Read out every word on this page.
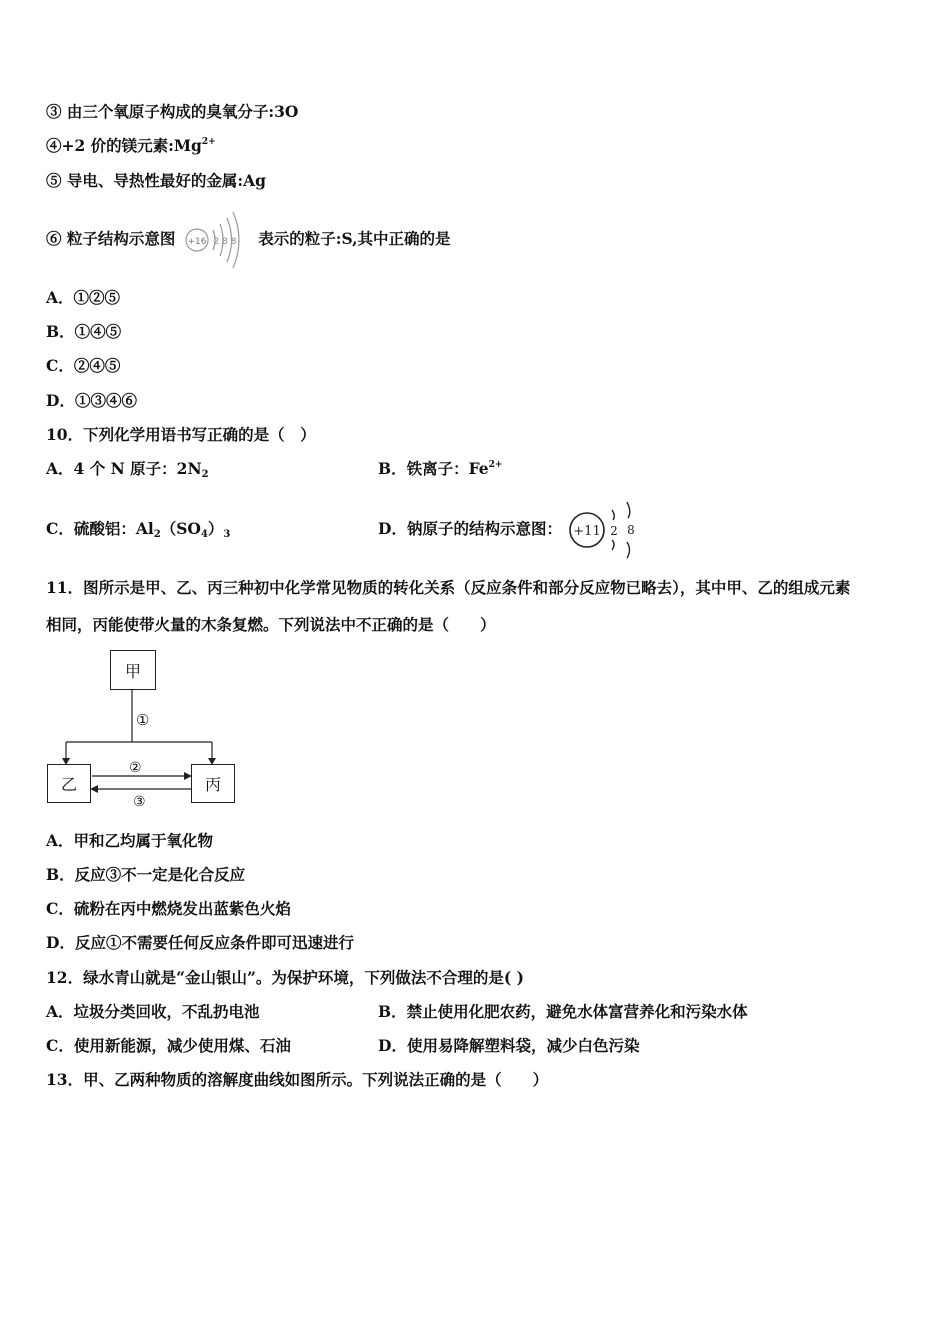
③ 由三个氧原子构成的臭氧分子:3O
④+2 价的镁元素$:Mg^{2+}$
⑤ 导电、导热性最好的金属:Ag
⑥ 粒子结构示意图 +16 2 8 8 表示的粒子:S,其中正确的是
A．①②⑤
B．①④⑤
C．②④⑤
D．①③④⑥
10．下列化学用语书写正确的是（　）
A．4 个 N 原子：$2N_2$	B．铁离子：$Fe^{2+}$
C．硫酸铝：$Al_2(SO_4)_3$	D．钠原子的结构示意图： +11 2 8
11．图所示是甲、乙、丙三种初中化学常见物质的转化关系（反应条件和部分反应物已略去），其中甲、乙的组成元素
相同，丙能使带火量的木条复燃。下列说法中不正确的是（　　）
甲
乙	丙
①
②
③
A．甲和乙均属于氧化物
B．反应③不一定是化合反应
C．硫粉在丙中燃烧发出蓝紫色火焰
D．反应①不需要任何反应条件即可迅速进行
12．绿水青山就是“金山银山”。为保护环境，下列做法不合理的是( )
A．垃圾分类回收，不乱扔电池	B．禁止使用化肥农药，避免水体富营养化和污染水体
C．使用新能源，减少使用煤、石油	D．使用易降解塑料袋，减少白色污染
13．甲、乙两种物质的溶解度曲线如图所示。下列说法正确的是（　　）
